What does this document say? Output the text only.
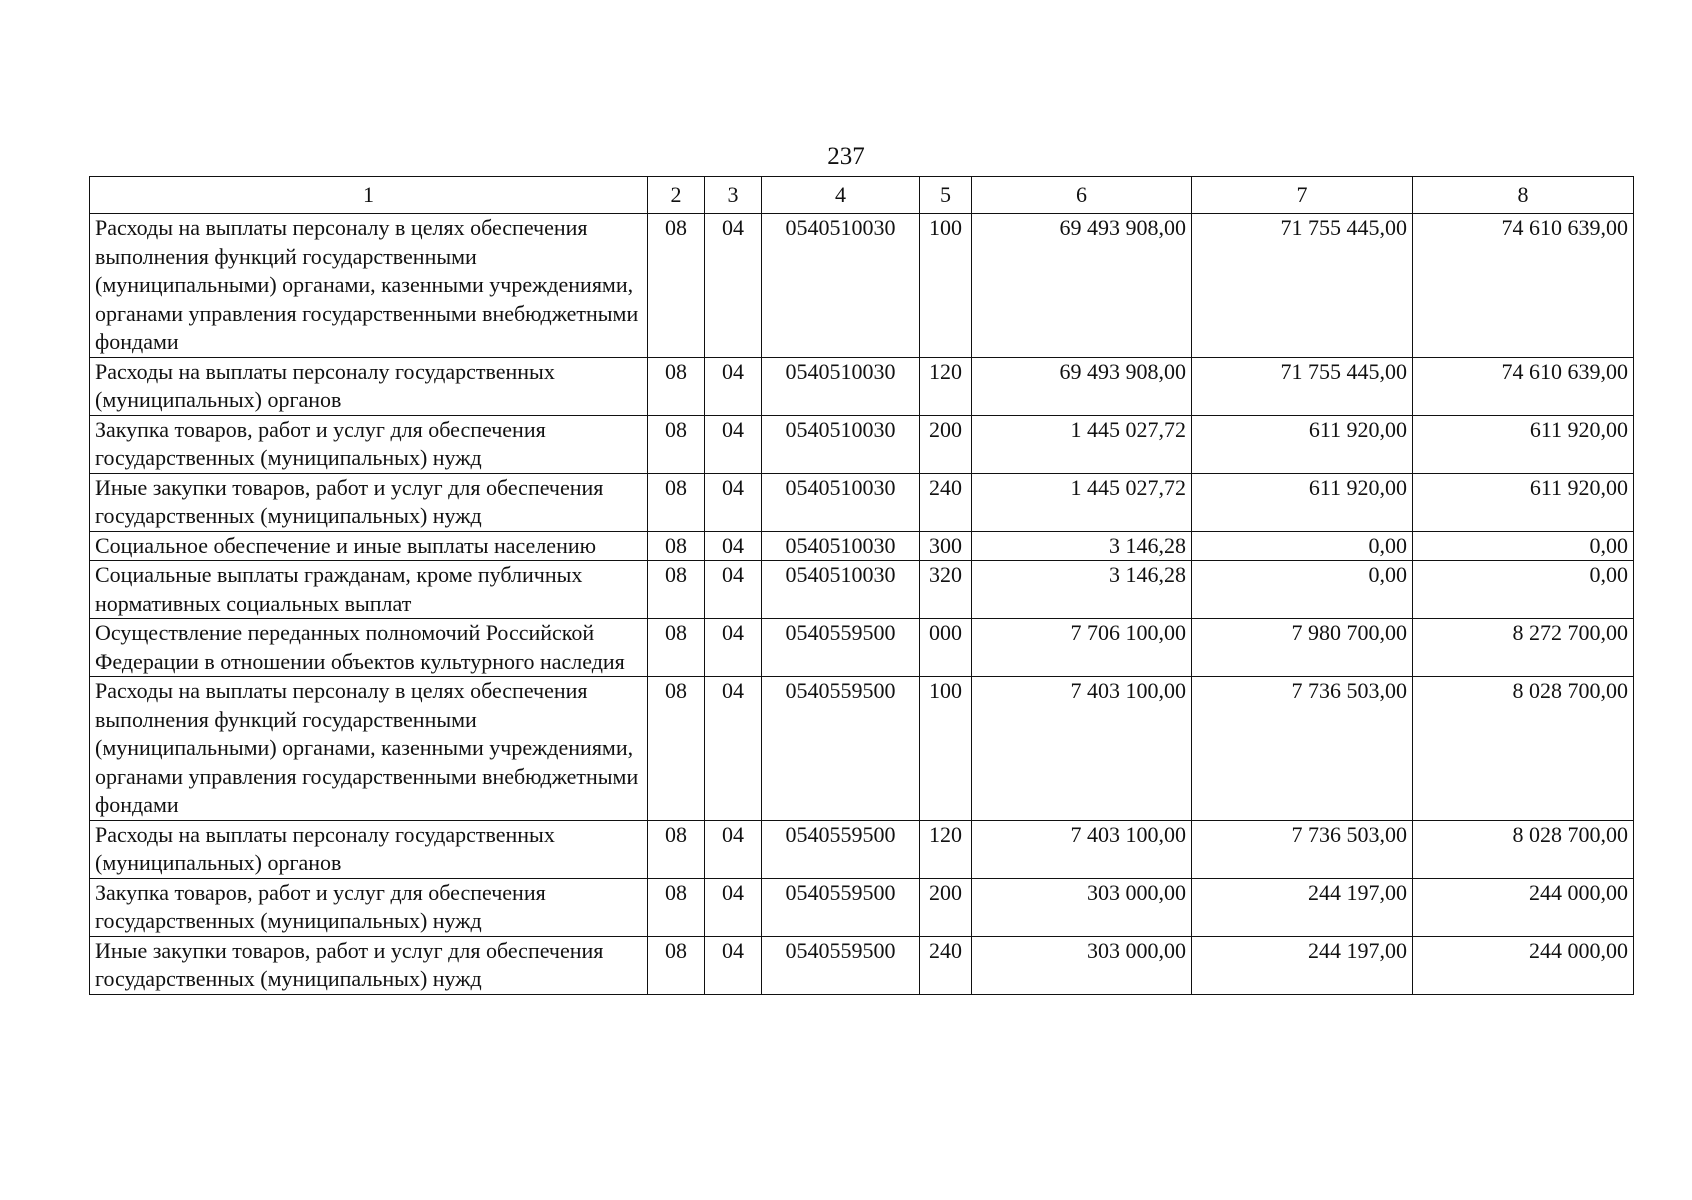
237
1	2	3	4	5	6	7	8
Расходы на выплаты персоналу в целях обеспечения выполнения функций государственными (муниципальными) органами, казенными учреждениями, органами управления государственными внебюджетными фондами	08	04	0540510030	100	69 493 908,00	71 755 445,00	74 610 639,00
Расходы на выплаты персоналу государственных (муниципальных) органов	08	04	0540510030	120	69 493 908,00	71 755 445,00	74 610 639,00
Закупка товаров, работ и услуг для обеспечения государственных (муниципальных) нужд	08	04	0540510030	200	1 445 027,72	611 920,00	611 920,00
Иные закупки товаров, работ и услуг для обеспечения государственных (муниципальных) нужд	08	04	0540510030	240	1 445 027,72	611 920,00	611 920,00
Социальное обеспечение и иные выплаты населению	08	04	0540510030	300	3 146,28	0,00	0,00
Социальные выплаты гражданам, кроме публичных нормативных социальных выплат	08	04	0540510030	320	3 146,28	0,00	0,00
Осуществление переданных полномочий Российской Федерации в отношении объектов культурного наследия	08	04	0540559500	000	7 706 100,00	7 980 700,00	8 272 700,00
Расходы на выплаты персоналу в целях обеспечения выполнения функций государственными (муниципальными) органами, казенными учреждениями, органами управления государственными внебюджетными фондами	08	04	0540559500	100	7 403 100,00	7 736 503,00	8 028 700,00
Расходы на выплаты персоналу государственных (муниципальных) органов	08	04	0540559500	120	7 403 100,00	7 736 503,00	8 028 700,00
Закупка товаров, работ и услуг для обеспечения государственных (муниципальных) нужд	08	04	0540559500	200	303 000,00	244 197,00	244 000,00
Иные закупки товаров, работ и услуг для обеспечения государственных (муниципальных) нужд	08	04	0540559500	240	303 000,00	244 197,00	244 000,00
